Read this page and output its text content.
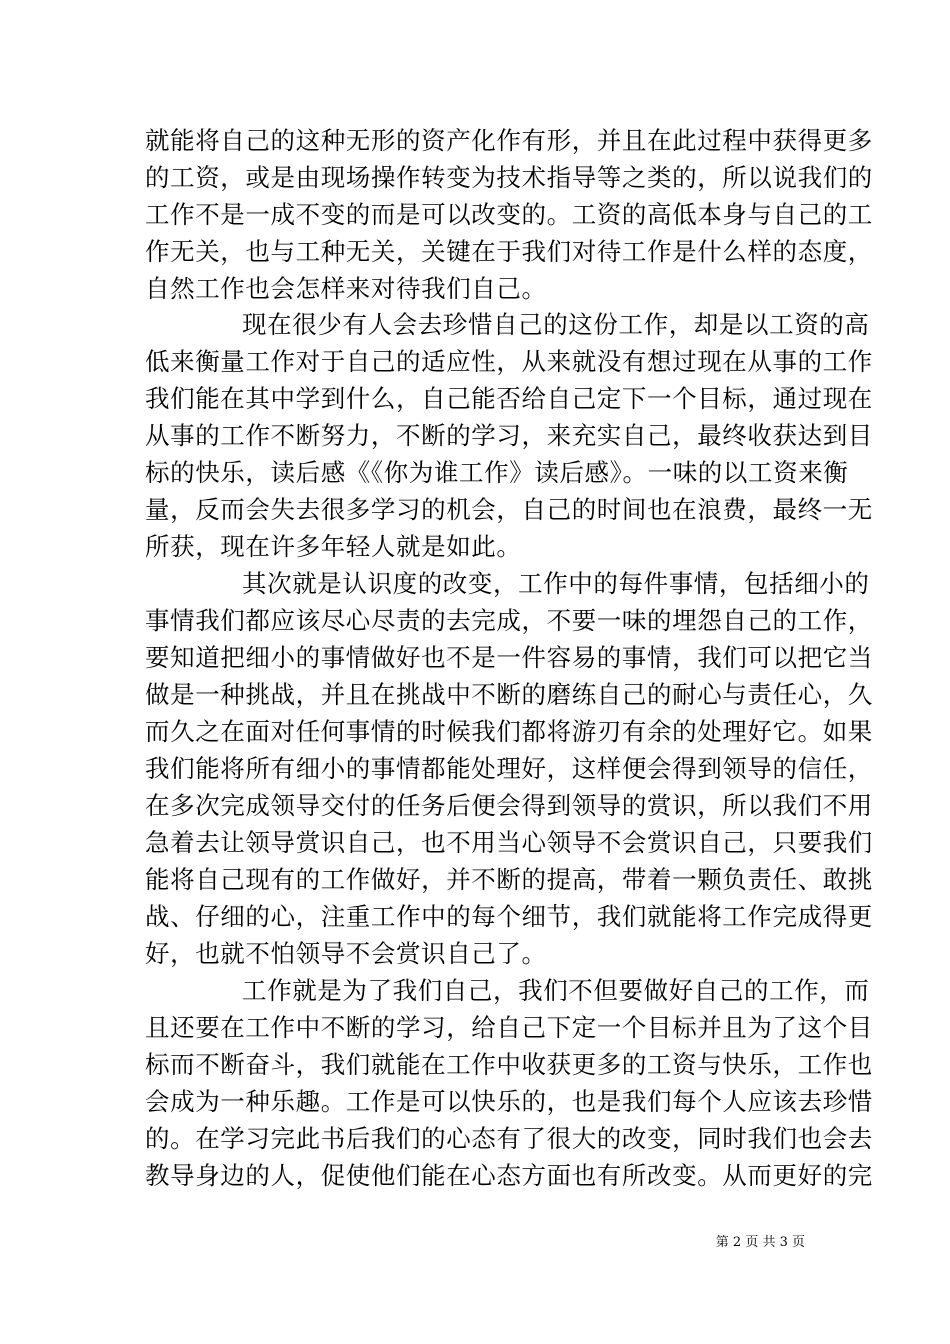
就能将自己的这种无形的资产化作有形，并且在此过程中获得更多
的工资，或是由现场操作转变为技术指导等之类的，所以说我们的
工作不是一成不变的而是可以改变的。工资的高低本身与自己的工
作无关，也与工种无关，关键在于我们对待工作是什么样的态度，
自然工作也会怎样来对待我们自己。
现在很少有人会去珍惜自己的这份工作，却是以工资的高
低来衡量工作对于自己的适应性，从来就没有想过现在从事的工作
我们能在其中学到什么，自己能否给自己定下一个目标，通过现在
从事的工作不断努力，不断的学习，来充实自己，最终收获达到目
标的快乐，读后感《《你为谁工作》读后感》。一味的以工资来衡
量，反而会失去很多学习的机会，自己的时间也在浪费，最终一无
所获，现在许多年轻人就是如此。
其次就是认识度的改变，工作中的每件事情，包括细小的
事情我们都应该尽心尽责的去完成，不要一味的埋怨自己的工作，
要知道把细小的事情做好也不是一件容易的事情，我们可以把它当
做是一种挑战，并且在挑战中不断的磨练自己的耐心与责任心，久
而久之在面对任何事情的时候我们都将游刃有余的处理好它。如果
我们能将所有细小的事情都能处理好，这样便会得到领导的信任，
在多次完成领导交付的任务后便会得到领导的赏识，所以我们不用
急着去让领导赏识自己，也不用当心领导不会赏识自己，只要我们
能将自己现有的工作做好，并不断的提高，带着一颗负责任、敢挑
战、仔细的心，注重工作中的每个细节，我们就能将工作完成得更
好，也就不怕领导不会赏识自己了。
工作就是为了我们自己，我们不但要做好自己的工作，而
且还要在工作中不断的学习，给自己下定一个目标并且为了这个目
标而不断奋斗，我们就能在工作中收获更多的工资与快乐，工作也
会成为一种乐趣。工作是可以快乐的，也是我们每个人应该去珍惜
的。在学习完此书后我们的心态有了很大的改变，同时我们也会去
教导身边的人，促使他们能在心态方面也有所改变。从而更好的完
第 2 页 共 3 页
